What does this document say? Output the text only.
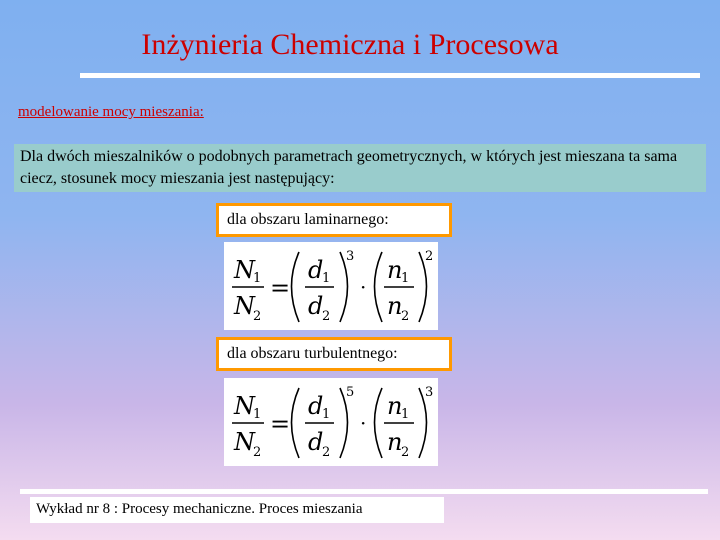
Inżynieria Chemiczna i Procesowa
modelowanie mocy mieszania:
Dla dwóch mieszalników o podobnych parametrach geometrycznych, w których jest mieszana ta sama ciecz, stosunek mocy mieszania jest następujący:
dla obszaru laminarnego:
N
1
N
2
=
d
1
d
2
3
·
n
1
n
2
2
dla obszaru turbulentnego:
N
1
N
2
=
d
1
d
2
5
·
n
1
n
2
3
Wykład nr 8 : Procesy mechaniczne. Proces mieszania
